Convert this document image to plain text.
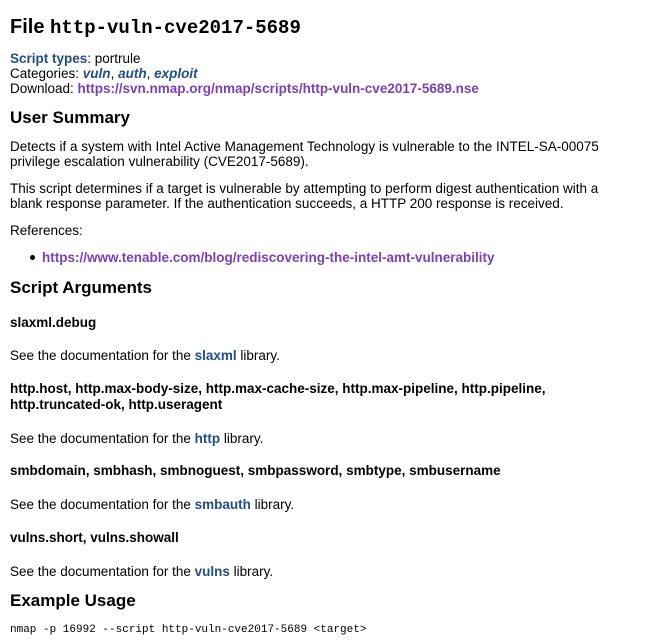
File http-vuln-cve2017-5689
Script types: portrule
Categories: vuln, auth, exploit
Download: https://svn.nmap.org/nmap/scripts/http-vuln-cve2017-5689.nse
User Summary

Detects if a system with Intel Active Management Technology is vulnerable to the INTEL-SA-00075 privilege escalation vulnerability (CVE2017-5689).

This script determines if a target is vulnerable by attempting to perform digest authentication with a blank response parameter. If the authentication succeeds, a HTTP 200 response is received.

References:

https://www.tenable.com/blog/rediscovering-the-intel-amt-vulnerability
Script Arguments
slaxml.debug

See the documentation for the slaxml library.

http.host, http.max-body-size, http.max-cache-size, http.max-pipeline, http.pipeline, http.truncated-ok, http.useragent

See the documentation for the http library.

smbdomain, smbhash, smbnoguest, smbpassword, smbtype, smbusername

See the documentation for the smbauth library.

vulns.short, vulns.showall

See the documentation for the vulns library.

Example Usage
nmap -p 16992 --script http-vuln-cve2017-5689 <target>
